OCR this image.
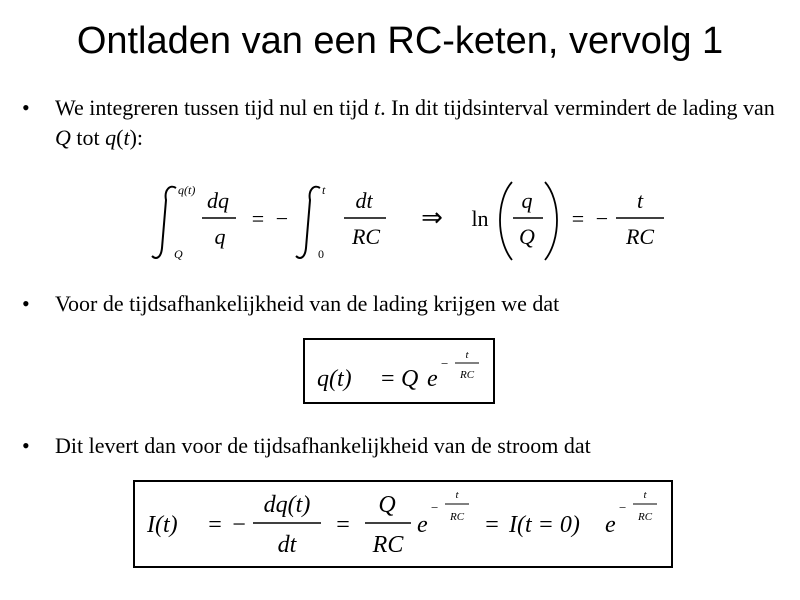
Ontladen van een RC-keten, vervolg 1
• We integreren tussen tijd nul en tijd t. In dit tijdsinterval vermindert de lading van Q tot q(t):
q(t)
Q
dq
q
= −
t
0
dt
RC
⇒ ln
q
Q
= −
t
RC
• Voor de tijdsafhankelijkheid van de lading krijgen we dat
q(t) = Q e
−
t
RC
• Dit levert dan voor de tijdsafhankelijkheid van de stroom dat
I(t) = −
dq(t)
dt
=
Q
RC
e
−
t
RC = I(t = 0) e
−
t
RC
